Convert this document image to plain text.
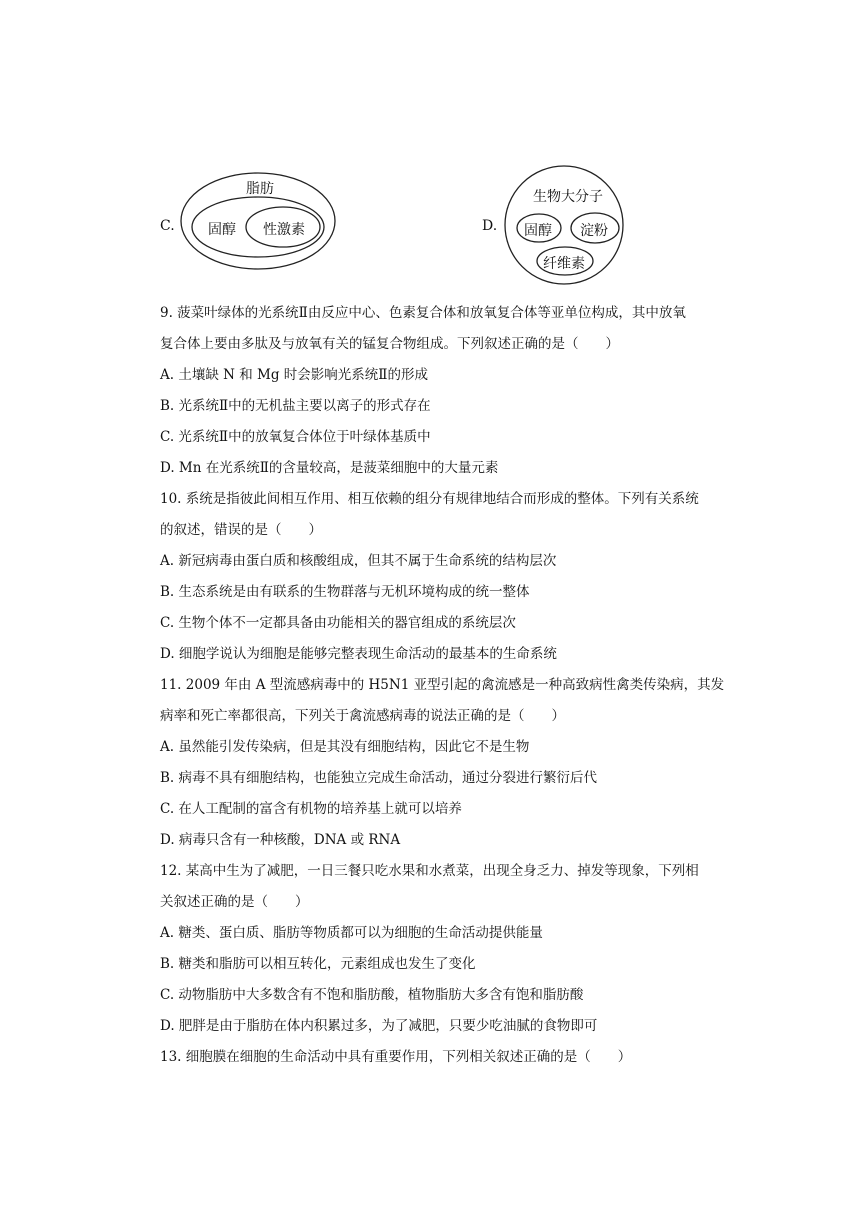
C.
脂肪
固醇 性激素	D.
生物大分子
固醇 淀粉
纤维素
9. 菠菜叶绿体的光系统Ⅱ由反应中心、色素复合体和放氧复合体等亚单位构成，其中放氧
复合体上要由多肽及与放氧有关的锰复合物组成。下列叙述正确的是（　　）
A. 土壤缺 N 和 Mg 时会影响光系统Ⅱ的形成
B. 光系统Ⅱ中的无机盐主要以离子的形式存在
C. 光系统Ⅱ中的放氧复合体位于叶绿体基质中
D. Mn 在光系统Ⅱ的含量较高，是菠菜细胞中的大量元素
10. 系统是指彼此间相互作用、相互依赖的组分有规律地结合而形成的整体。下列有关系统
的叙述，错误的是（　　）
A. 新冠病毒由蛋白质和核酸组成，但其不属于生命系统的结构层次
B. 生态系统是由有联系的生物群落与无机环境构成的统一整体
C. 生物个体不一定都具备由功能相关的器官组成的系统层次
D. 细胞学说认为细胞是能够完整表现生命活动的最基本的生命系统
11. 2009 年由 A 型流感病毒中的 H5N1 亚型引起的禽流感是一种高致病性禽类传染病，其发
病率和死亡率都很高，下列关于禽流感病毒的说法正确的是（　　）
A. 虽然能引发传染病，但是其没有细胞结构，因此它不是生物
B. 病毒不具有细胞结构，也能独立完成生命活动，通过分裂进行繁衍后代
C. 在人工配制的富含有机物的培养基上就可以培养
D. 病毒只含有一种核酸，DNA 或 RNA
12. 某高中生为了减肥，一日三餐只吃水果和水煮菜，出现全身乏力、掉发等现象，下列相
关叙述正确的是（　　）
A. 糖类、蛋白质、脂肪等物质都可以为细胞的生命活动提供能量
B. 糖类和脂肪可以相互转化，元素组成也发生了变化
C. 动物脂肪中大多数含有不饱和脂肪酸，植物脂肪大多含有饱和脂肪酸
D. 肥胖是由于脂肪在体内积累过多，为了减肥，只要少吃油腻的食物即可
13. 细胞膜在细胞的生命活动中具有重要作用，下列相关叙述正确的是（　　）
